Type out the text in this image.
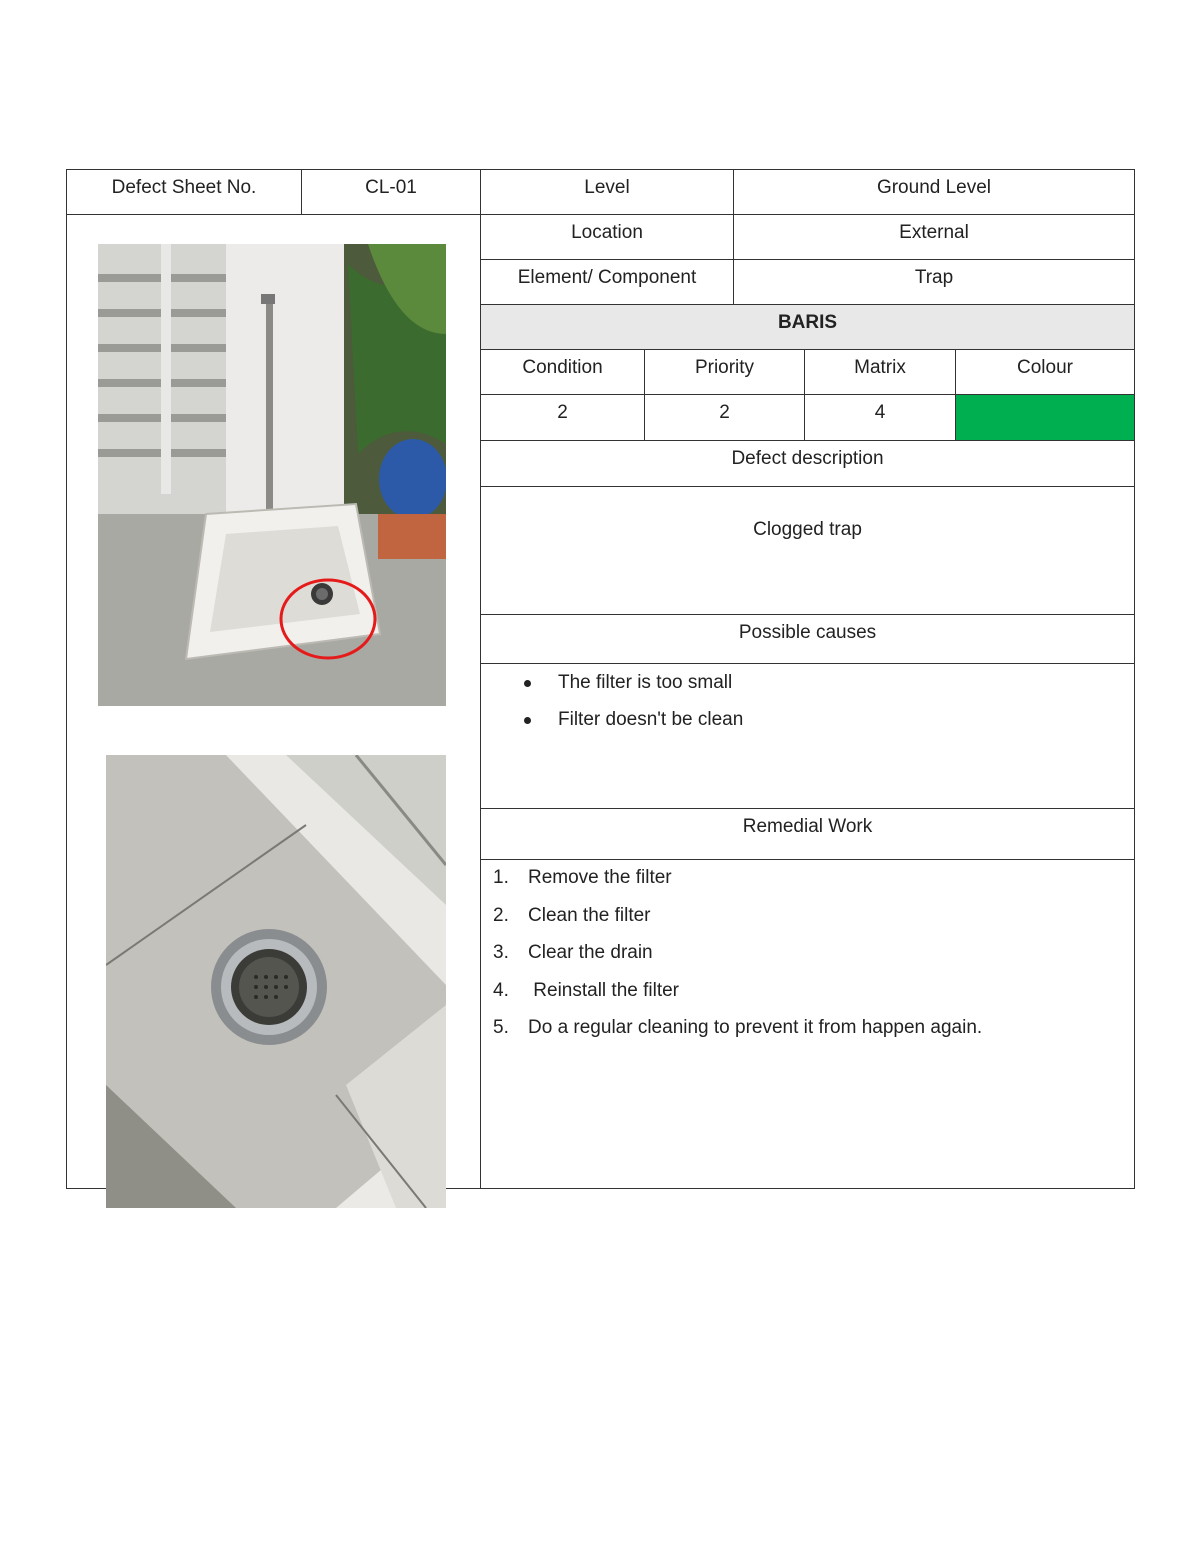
Defect Sheet No.	CL-01	Level	Ground Level
Location	External
Element/ Component	Trap
BARIS
Condition	Priority	Matrix	Colour
2	2	4
Defect description
Clogged trap
Possible causes
The filter is too small
Filter doesn't be clean
Remedial Work
1. Remove the filter
2. Clean the filter
3. Clear the drain
4. Reinstall the filter
5. Do a regular cleaning to prevent it from happen again.
